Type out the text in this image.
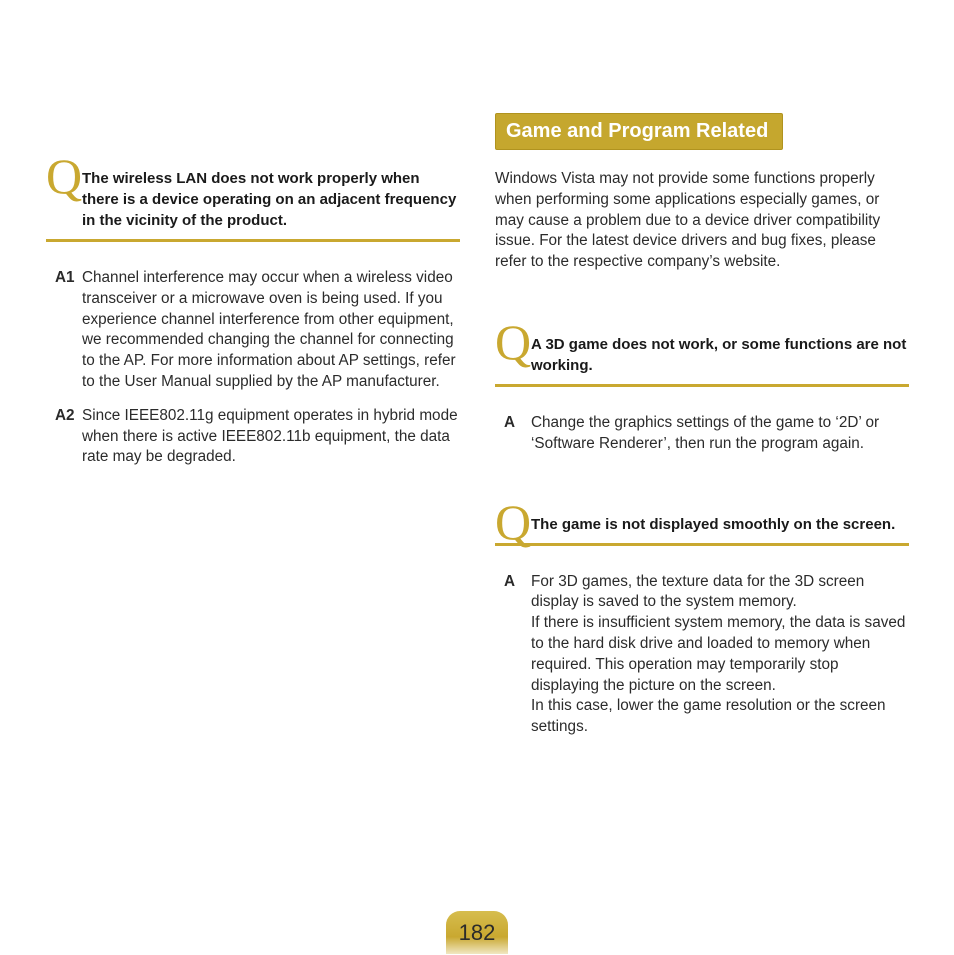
Q The wireless LAN does not work properly when there is a device operating on an adjacent frequency in the vicinity of the product.
A1 Channel interference may occur when a wireless video transceiver or a microwave oven is being used. If you experience channel interference from other equipment, we recommended changing the channel for connecting to the AP. For more information about AP settings, refer to the User Manual supplied by the AP manufacturer.
A2 Since IEEE802.11g equipment operates in hybrid mode when there is active IEEE802.11b equipment, the data rate may be degraded.
Game and Program Related
Windows Vista may not provide some functions properly when performing some applications especially games, or may cause a problem due to a device driver compatibility issue. For the latest device drivers and bug fixes, please refer to the respective company’s website.
Q A 3D game does not work, or some functions are not working.
A	Change the graphics settings of the game to ‘2D’ or ‘Software Renderer’, then run the program again.

Q The game is not displayed smoothly on the screen.
A	For 3D games, the texture data for the 3D screen display is saved to the system memory.

If there is insufficient system memory, the data is saved to the hard disk drive and loaded to memory when required. This operation may temporarily stop displaying the picture on the screen.

In this case, lower the game resolution or the screen settings.

182
